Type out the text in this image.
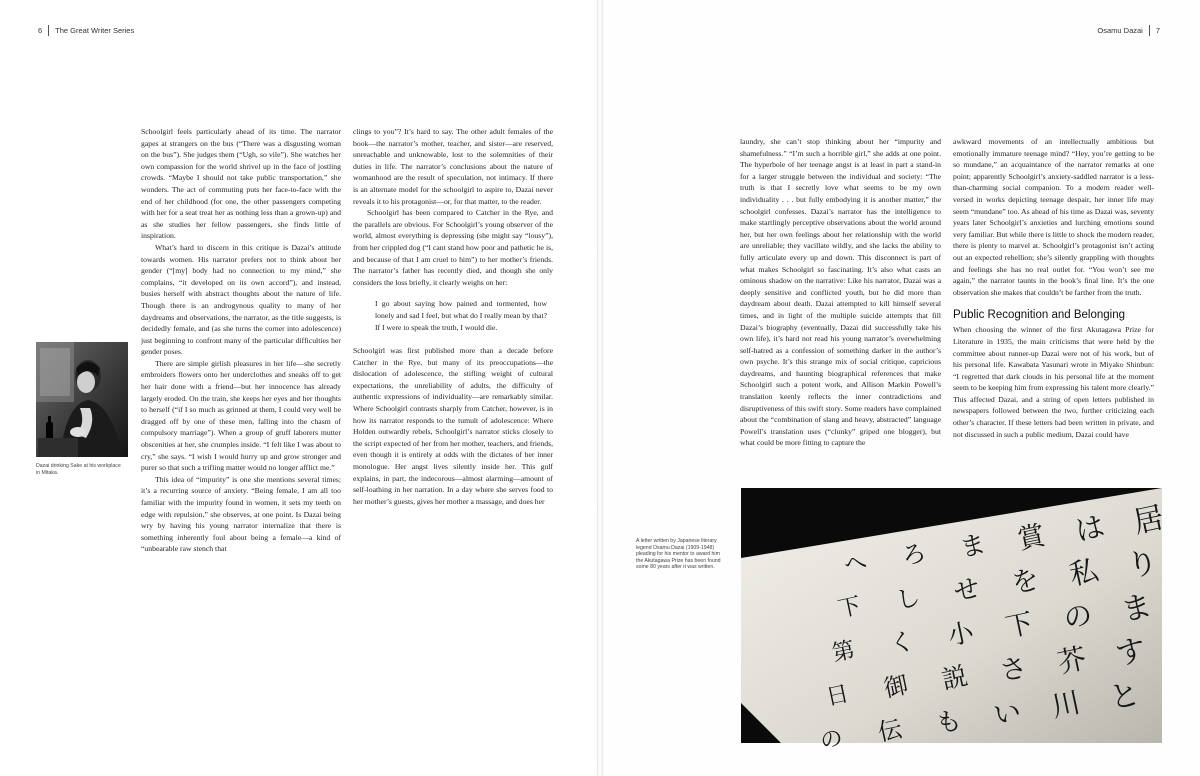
6 The Great Writer Series
Dazai drinking Sake at his workplace in Mitaka.

Schoolgirl feels particularly ahead of its time. The narrator gapes at strangers on the bus (“There was a disgusting woman on the bus”). She judges them (“Ugh, so vile”). She watches her own compassion for the world shrivel up in the face of jostling crowds. “Maybe I should not take public transportation,” she wonders. The act of commuting puts her face-to-face with the end of her childhood (for one, the other passengers competing with her for a seat treat her as nothing less than a grown-up) and as she studies her fellow passengers, she finds little of inspiration.

What’s hard to discern in this critique is Dazai’s attitude towards women. His narrator prefers not to think about her gender (“[my] body had no connection to my mind,” she complains, “it developed on its own accord”), and instead, busies herself with abstract thoughts about the nature of life. Though there is an androgynous quality to many of her daydreams and observations, the narrator, as the title suggests, is decidedly female, and (as she turns the corner into adolescence) just beginning to confront many of the particular difficulties her gender poses.

There are simple girlish pleasures in her life—she secretly embroiders flowers onto her underclothes and sneaks off to get her hair done with a friend—but her innocence has already largely eroded. On the train, she keeps her eyes and her thoughts to herself (“if I so much as grinned at them, I could very well be dragged off by one of these men, falling into the chasm of compulsory marriage”). When a group of gruff laborers mutter obscenities at her, she crumples inside. “I felt like I was about to cry,” she says. “I wish I would hurry up and grow stronger and purer so that such a trifling matter would no longer afflict me.”

This idea of “impurity” is one she mentions several times; it’s a recurring source of anxiety. “Being female, I am all too familiar with the impurity found in women, it sets my teeth on edge with repulsion,” she observes, at one point. Is Dazai being wry by having his young narrator internalize that there is something inherently foul about being a female—a kind of “unbearable raw stench that

clings to you”? It’s hard to say. The other adult females of the book—the narrator’s mother, teacher, and sister—are reserved, unreachable and unknowable, lost to the solemnities of their duties in life. The narrator’s conclusions about the nature of womanhood are the result of speculation, not intimacy. If there is an alternate model for the schoolgirl to aspire to, Dazai never reveals it to his protagonist—or, for that matter, to the reader.

Schoolgirl has been compared to Catcher in the Rye, and the parallels are obvious. For Schoolgirl’s young observer of the world, almost everything is depressing (she might say “lousy”), from her crippled dog (“I cant stand how poor and pathetic he is, and because of that I am cruel to him”) to her mother’s friends. The narrator’s father has recently died, and though she only considers the loss briefly, it clearly weighs on her:

I go about saying how pained and tormented, how lonely and sad I feel, but what do I really mean by that? If I were to speak the truth, I would die.

Schoolgirl was first published more than a decade before Catcher in the Rye, but many of its preoccupations—the dislocation of adolescence, the stifling weight of cultural expectations, the unreliability of adults, the difficulty of authentic expressions of individuality—are remarkably similar. Where Schoolgirl contrasts sharply from Catcher, however, is in how its narrator responds to the tumult of adolescence: Where Holden outwardly rebels, Schoolgirl’s narrator sticks closely to the script expected of her from her mother, teachers, and friends, even though it is entirely at odds with the dictates of her inner monologue. Her angst lives silently inside her. This gulf explains, in part, the indecorous—almost alarming—amount of self-loathing in her narration. In a day where she serves food to her mother’s guests, gives her mother a massage, and does her

Osamu Dazai 7

laundry, she can’t stop thinking about her “impurity and shamefulness.” “I’m such a horrible girl,” she adds at one point. The hyperbole of her teenage angst is at least in part a stand-in for a larger struggle between the individual and society: “The truth is that I secretly love what seems to be my own individuality . . . but fully embodying it is another matter,” the schoolgirl confesses. Dazai’s narrator has the intelligence to make startlingly perceptive observations about the world around her, but her own feelings about her relationship with the world are unreliable; they vacillate wildly, and she lacks the ability to fully articulate every up and down. This disconnect is part of what makes Schoolgirl so fascinating. It’s also what casts an ominous shadow on the narrative: Like his narrator, Dazai was a deeply sensitive and conflicted youth, but he did more than daydream about death. Dazai attempted to kill himself several times, and in light of the multiple suicide attempts that fill Dazai’s biography (eventually, Dazai did successfully take his own life), it’s hard not read his young narrator’s overwhelming self-hatred as a confession of something darker in the author’s own psyche. It’s this strange mix of social critique, capricious daydreams, and haunting biographical references that make Schoolgirl such a potent work, and Allison Markin Powell’s translation keenly reflects the inner contradictions and disruptiveness of this swift story. Some readers have complained about the “combination of slang and heavy, abstracted” language Powell’s translation uses (“clunky” griped one blogger), but what could be more fitting to capture the

awkward movements of an intellectually ambitious but emotionally immature teenage mind? “Hey, you’re getting to be so mundane,” an acquaintance of the narrator remarks at one point; apparently Schoolgirl’s anxiety-saddled narrator is a less-than-charming social companion. To a modern reader well-versed in works depicting teenage despair, her inner life may seem “mundane” too. As ahead of his time as Dazai was, seventy years later Schoolgirl’s anxieties and lurching emotions sound very familiar. But while there is little to shock the modern reader, there is plenty to marvel at. Schoolgirl’s protagonist isn’t acting out an expected rebellion; she’s silently grappling with thoughts and feelings she has no real outlet for. “You won’t see me again,” the narrator taunts in the book’s final line. It’s the one observation she makes that couldn’t be farther from the truth.

Public Recognition and Belonging

When choosing the winner of the first Akutagawa Prize for Literature in 1935, the main criticisms that were held by the committee about runner-up Dazai were not of his work, but of his personal life. Kawabata Yasunari wrote in Miyako Shinbun: “I regretted that dark clouds in his personal life at the moment seem to be keeping him from expressing his talent more clearly.” This affected Dazai, and a string of open letters published in newspapers followed between the two, further criticizing each other’s character. If these letters had been written in private, and not discussed in such a public medium, Dazai could have

A letter written by Japanese literary legend Osamu Dazai (1909-1948) pleading for his mentor to award him the Akutagawa Prize has been found some 80 years after it was written.
居
り
ま
す
と
は
私
の
芥
川
賞
を
下
さ
い
ま
せ
小
説
も
ろ
し
く
御
伝
へ
下
第
日
の
